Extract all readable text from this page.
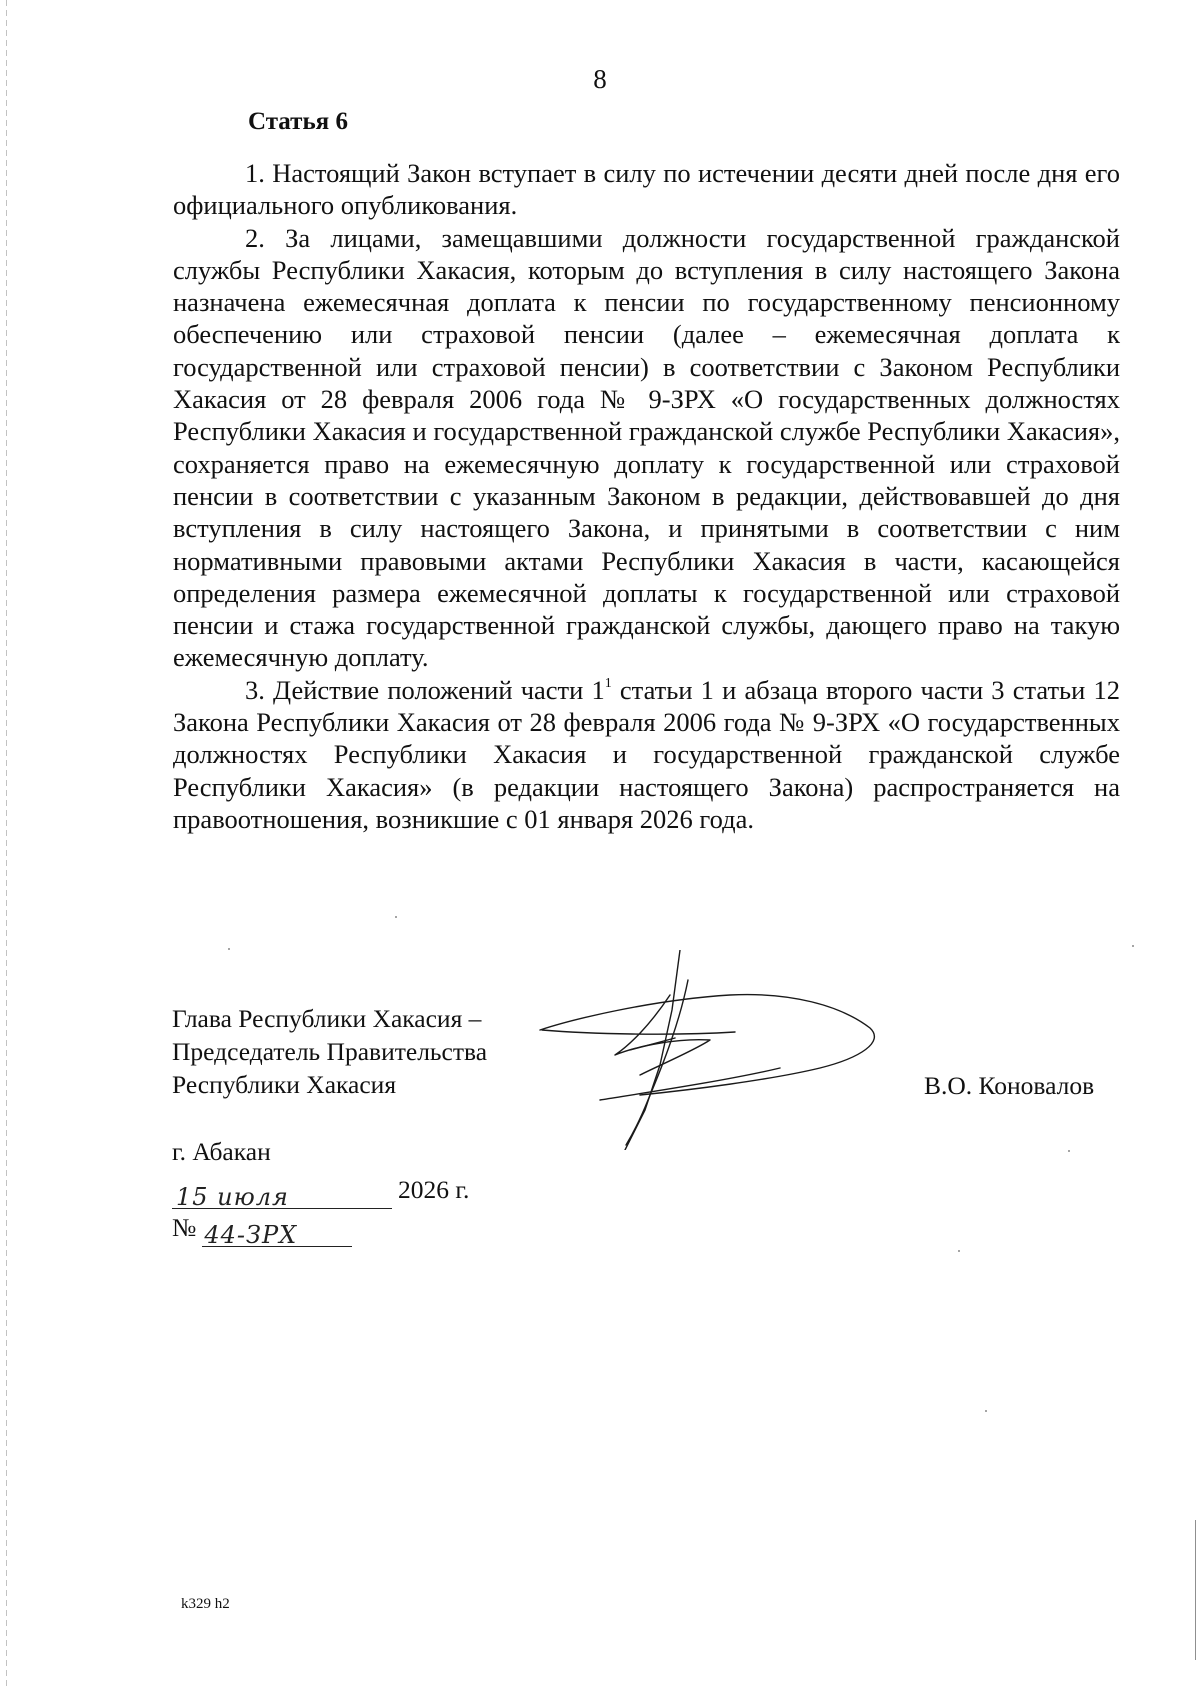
8
Статья 6

1. Настоящий Закон вступает в силу по истечении десяти дней после дня его официального опубликования.

2. За лицами, замещавшими должности государственной гражданской службы Республики Хакасия, которым до вступления в силу настоящего Закона назначена ежемесячная доплата к пенсии по государственному пенсионному обеспечению или страховой пенсии (далее – ежемесячная доплата к государственной или страховой пенсии) в соответствии с Законом Республики Хакасия от 28 февраля 2006 года № 9-ЗРХ «О государственных должностях Республики Хакасия и государственной гражданской службе Республики Хакасия», сохраняется право на ежемесячную доплату к государственной или страховой пенсии в соответствии с указанным Законом в редакции, действовавшей до дня вступления в силу настоящего Закона, и принятыми в соответствии с ним нормативными правовыми актами Республики Хакасия в части, касающейся определения размера ежемесячной доплаты к государственной или страховой пенсии и стажа государственной гражданской службы, дающего право на такую ежемесячную доплату.

3. Действие положений части $1^1$ статьи 1 и абзаца второго части 3 статьи 12 Закона Республики Хакасия от 28 февраля 2006 года № 9-ЗРХ «О государственных должностях Республики Хакасия и государственной гражданской службе Республики Хакасия» (в редакции настоящего Закона) распространяется на правоотношения, возникшие с 01 января 2026 года.

Глава Республики Хакасия –
Председатель Правительства
Республики Хакасия	В.О. Коновалов
г. Абакан
15 июля	2026 г.
№ 44-ЗРХ
k329 h2
